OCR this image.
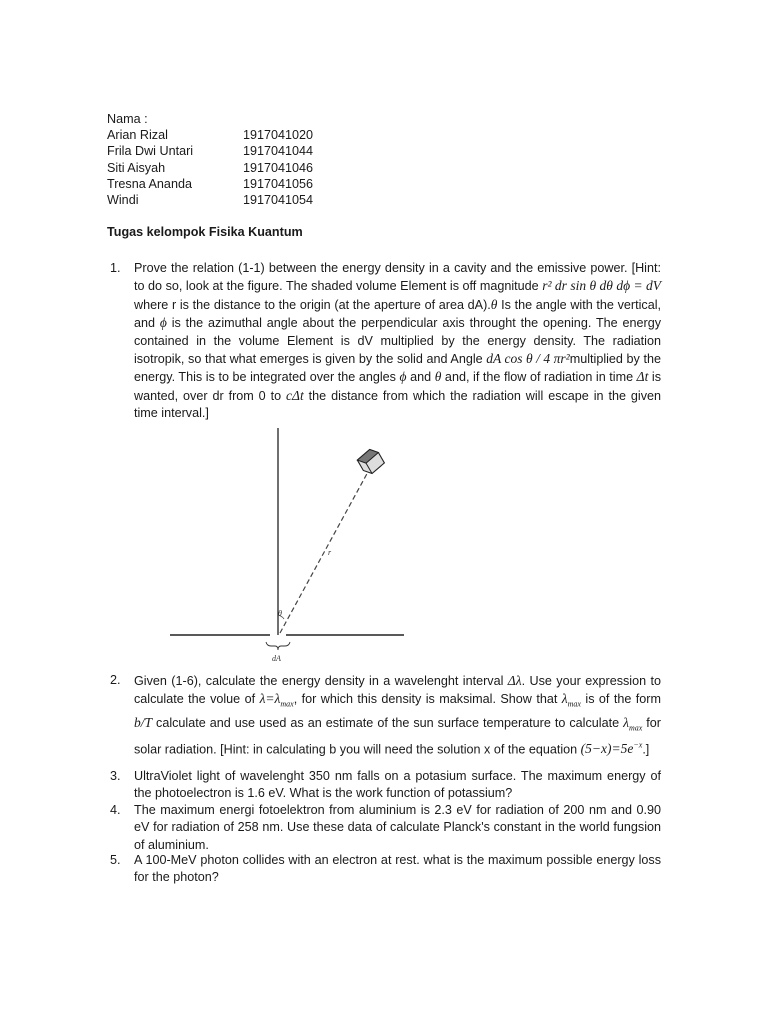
Nama :
Arian Rizal	1917041020
Frila Dwi Untari	1917041044
Siti Aisyah	1917041046
Tresna Ananda	1917041056
Windi	1917041054
Tugas kelompok Fisika Kuantum
1. Prove the relation (1-1) between the energy density in a cavity and the emissive power. [Hint: to do so, look at the figure. The shaded volume Element is off magnitude r² dr sin θ dθ dϕ = dV where r is the distance to the origin (at the aperture of area dA).θ Is the angle with the vertical, and ϕ is the azimuthal angle about the perpendicular axis throught the opening. The energy contained in the volume Element is dV multiplied by the energy density. The radiation isotropik, so that what emerges is given by the solid and Angle dA cos θ / 4 πr²multiplied by the energy. This is to be integrated over the angles ϕ and θ and, if the flow of radiation in time Δt is wanted, over dr from 0 to cΔt the distance from which the radiation will escape in the given time interval.]
θ
r
dA
2. Given (1-6), calculate the energy density in a wavelenght interval Δλ. Use your expression to calculate the volue of $\lambda=\lambda_{max}$, for which this density is maksimal. Show that $\lambda_{max}$ is of the form b/T calculate and use used as an estimate of the sun surface temperature to calculate $\lambda_{max}$ for solar radiation. [Hint: in calculating b you will need the solution x of the equation $(5-x)=5e^{-x}$.]
3. UltraViolet light of wavelenght 350 nm falls on a potasium surface. The maximum energy of the photoelectron is 1.6 eV. What is the work function of potassium?
4. The maximum energi fotoelektron from aluminium is 2.3 eV for radiation of 200 nm and 0.90 eV for radiation of 258 nm. Use these data of calculate Planck's constant in the world fungsion of aluminium.
5. A 100-MeV photon collides with an electron at rest. what is the maximum possible energy loss for the photon?
